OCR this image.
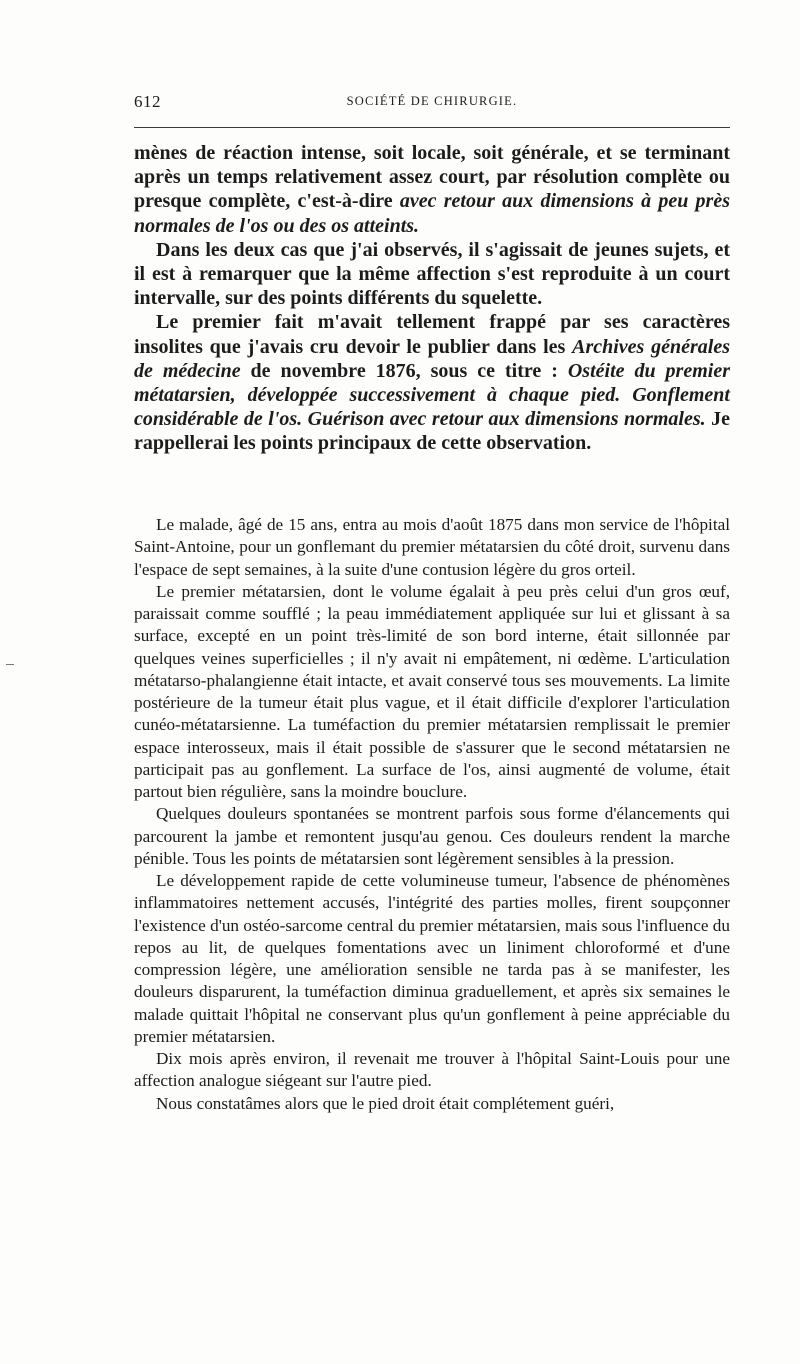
612	SOCIÉTÉ DE CHIRURGIE.

mènes de réaction intense, soit locale, soit générale, et se terminant après un temps relativement assez court, par résolution complète ou presque complète, c'est-à-dire avec retour aux dimensions à peu près normales de l'os ou des os atteints.

Dans les deux cas que j'ai observés, il s'agissait de jeunes sujets, et il est à remarquer que la même affection s'est reproduite à un court intervalle, sur des points différents du squelette.

Le premier fait m'avait tellement frappé par ses caractères insolites que j'avais cru devoir le publier dans les Archives générales de médecine de novembre 1876, sous ce titre : Ostéite du premier métatarsien, développée successivement à chaque pied. Gonflement considérable de l'os. Guérison avec retour aux dimensions normales. Je rappellerai les points principaux de cette observation.

Le malade, âgé de 15 ans, entra au mois d'août 1875 dans mon service de l'hôpital Saint-Antoine, pour un gonflemant du premier métatarsien du côté droit, survenu dans l'espace de sept semaines, à la suite d'une contusion légère du gros orteil.

Le premier métatarsien, dont le volume égalait à peu près celui d'un gros œuf, paraissait comme soufflé ; la peau immédiatement appliquée sur lui et glissant à sa surface, excepté en un point très-limité de son bord interne, était sillonnée par quelques veines superficielles ; il n'y avait ni empâtement, ni œdème. L'articulation métatarso-phalangienne était intacte, et avait conservé tous ses mouvements. La limite postérieure de la tumeur était plus vague, et il était difficile d'explorer l'articulation cunéo-métatarsienne. La tuméfaction du premier métatarsien remplissait le premier espace interosseux, mais il était possible de s'assurer que le second métatarsien ne participait pas au gonflement. La surface de l'os, ainsi augmenté de volume, était partout bien régulière, sans la moindre bouclure.

Quelques douleurs spontanées se montrent parfois sous forme d'élancements qui parcourent la jambe et remontent jusqu'au genou. Ces douleurs rendent la marche pénible. Tous les points de métatarsien sont légèrement sensibles à la pression.

Le développement rapide de cette volumineuse tumeur, l'absence de phénomènes inflammatoires nettement accusés, l'intégrité des parties molles, firent soupçonner l'existence d'un ostéo-sarcome central du premier métatarsien, mais sous l'influence du repos au lit, de quelques fomentations avec un liniment chloroformé et d'une compression légère, une amélioration sensible ne tarda pas à se manifester, les douleurs disparurent, la tuméfaction diminua graduellement, et après six semaines le malade quittait l'hôpital ne conservant plus qu'un gonflement à peine appréciable du premier métatarsien.

Dix mois après environ, il revenait me trouver à l'hôpital Saint-Louis pour une affection analogue siégeant sur l'autre pied.

Nous constatâmes alors que le pied droit était complétement guéri,
